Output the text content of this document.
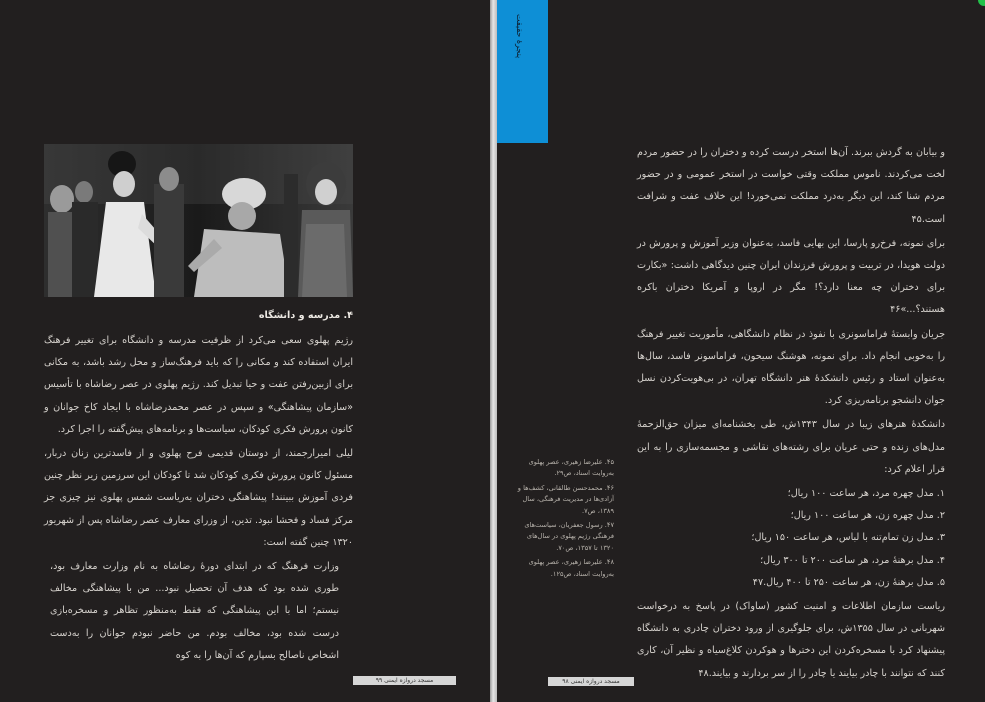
۴. مدرسه و دانشگاه

رژیم پهلوی سعی می‌کرد از ظرفیت مدرسه و دانشگاه برای تغییر فرهنگ ایران استفاده کند و مکانی را که باید فرهنگ‌ساز و محل رشد باشد، به مکانی برای ازبین‌رفتن عفت و حیا تبدیل کند. رژیم پهلوی در عصر رضاشاه با تأسیس «سازمان پیشاهنگی» و سپس در عصر محمدرضاشاه با ایجاد کاخ جوانان و کانون پرورش فکری کودکان، سیاست‌ها و برنامه‌های پیش‌گفته را اجرا کرد.

لیلی امیرارجمند، از دوستان قدیمی فرح پهلوی و از فاسدترین زنان دربار، مسئول کانون پرورش فکری کودکان شد تا کودکان این سرزمین زیر نظر چنین فردی آموزش ببینند! پیشاهنگی دختران به‌ریاست شمس پهلوی نیز چیزی جز مرکز فساد و فحشا نبود. تدین، از وزرای معارف عصر رضاشاه پس از شهریور ۱۳۲۰ چنین گفته است:

وزارت فرهنگ که در ابتدای دورهٔ رضاشاه به نام وزارت معارف بود، طوری شده بود که هدف آن تحصیل نبود... من با پیشاهنگی مخالف نیستم؛ اما با این پیشاهنگی که فقط به‌منظور تظاهر و مسخره‌بازی درست شده بود، مخالف بودم. من حاضر نبودم جوانان را به‌دست اشخاص ناصالح بسپارم که آن‌ها را به کوه

۹۹ مسجد دروازه ایمنی
پنجرهٔ حقیقت

و بیابان به گردش ببرند. آن‌ها استخر درست کرده و دختران را در حضور مردم لخت می‌کردند. ناموس مملکت وقتی خواست در استخر عمومی و در حضور مردم شنا کند، این دیگر به‌درد مملکت نمی‌خورد! این خلاف عفت و شرافت است.۴۵

برای نمونه، فرخ‌رو پارسا، این بهایی فاسد، به‌عنوان وزیر آموزش و پرورش در دولت هویدا، در تربیت و پرورش فرزندان ایران چنین دیدگاهی داشت: «بکارت برای دختران چه معنا دارد؟! مگر در اروپا و آمریکا دختران باکره هستند؟...»۴۶

جریان وابستهٔ فراماسونری با نفوذ در نظام دانشگاهی، مأموریت تغییر فرهنگ را به‌خوبی انجام داد. برای نمونه، هوشنگ سیحون، فراماسونر فاسد، سال‌ها به‌عنوان استاد و رئیس دانشکدهٔ هنر دانشگاه تهران، در بی‌هویت‌کردن نسل جوان دانشجو برنامه‌ریزی کرد.

دانشکدهٔ هنرهای زیبا در سال ۱۳۴۳ش، طی بخشنامه‌ای میزان حق‌الزحمهٔ مدل‌های زنده و حتی عریان برای رشته‌های نقاشی و مجسمه‌سازی را به این قرار اعلام کرد:

۱. مدل چهره مرد، هر ساعت ۱۰۰ ریال؛

۲. مدل چهره زن، هر ساعت ۱۰۰ ریال؛

۳. مدل زن تمام‌تنه با لباس، هر ساعت ۱۵۰ ریال؛

۴. مدل برهنهٔ مرد، هر ساعت ۲۰۰ تا ۳۰۰ ریال؛

۵. مدل برهنهٔ زن، هر ساعت ۲۵۰ تا ۴۰۰ ریال.۴۷

ریاست سازمان اطلاعات و امنیت کشور (ساواک) در پاسخ به درخواست شهربانی در سال ۱۳۵۵ش، برای جلوگیری از ورود دختران چادری به دانشگاه پیشنهاد کرد با مسخره‌کردن این دخترها و هوکردن کلاغ‌سیاه و نظیر آن، کاری کنند که نتوانند با چادر بیایند یا چادر را از سر بردارند و بیایند.۴۸

۴۵. علیرضا زهیری، عصر پهلوی به‌روایت اسناد، ص۲۹.

۴۶. محمدحسن طالقانی، کشف‌ها و آزادی‌ها در مدیریت فرهنگی، سال ۱۳۸۹، ص۷.

۴۷. رسول جعفریان، سیاست‌های فرهنگی رژیم پهلوی در سال‌های ۱۳۲۰ تا ۱۳۵۷، ص۷۰.

۴۸. علیرضا زهیری، عصر پهلوی به‌روایت اسناد، ص۱۲۵.

مسجد دروازه ایمنی ۹۸
